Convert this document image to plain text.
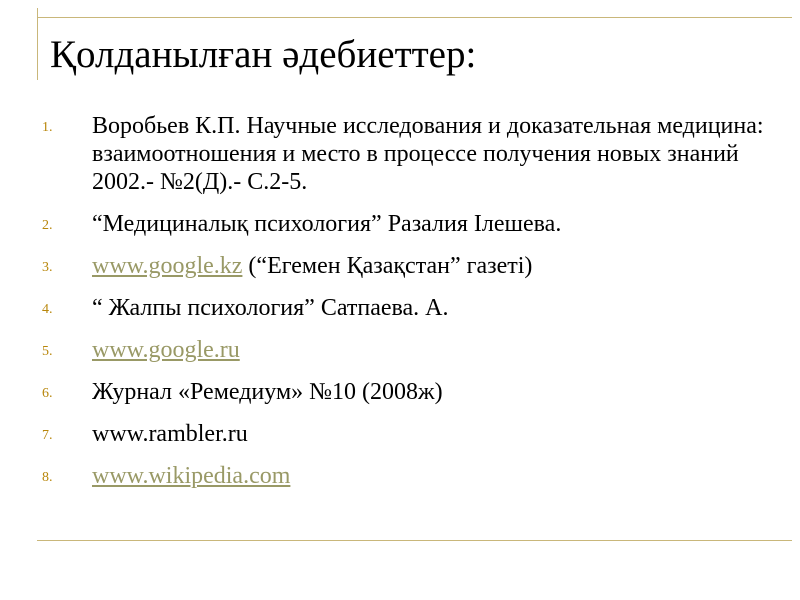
Қолданылған әдебиеттер:
1. Воробьев К.П. Научные исследования и доказательная медицина: взаимоотношения и место в процессе получения новых знаний 2002.- №2(Д).- С.2-5.
2. “Медициналық психология” Разалия Ілешева.
3. www.google.kz (“Егемен Қазақстан” газеті)
4. “ Жалпы психология” Сатпаева. А.
5. www.google.ru
6. Журнал «Ремедиум» №10 (2008ж)
7. www.rambler.ru
8. www.wikipedia.com
